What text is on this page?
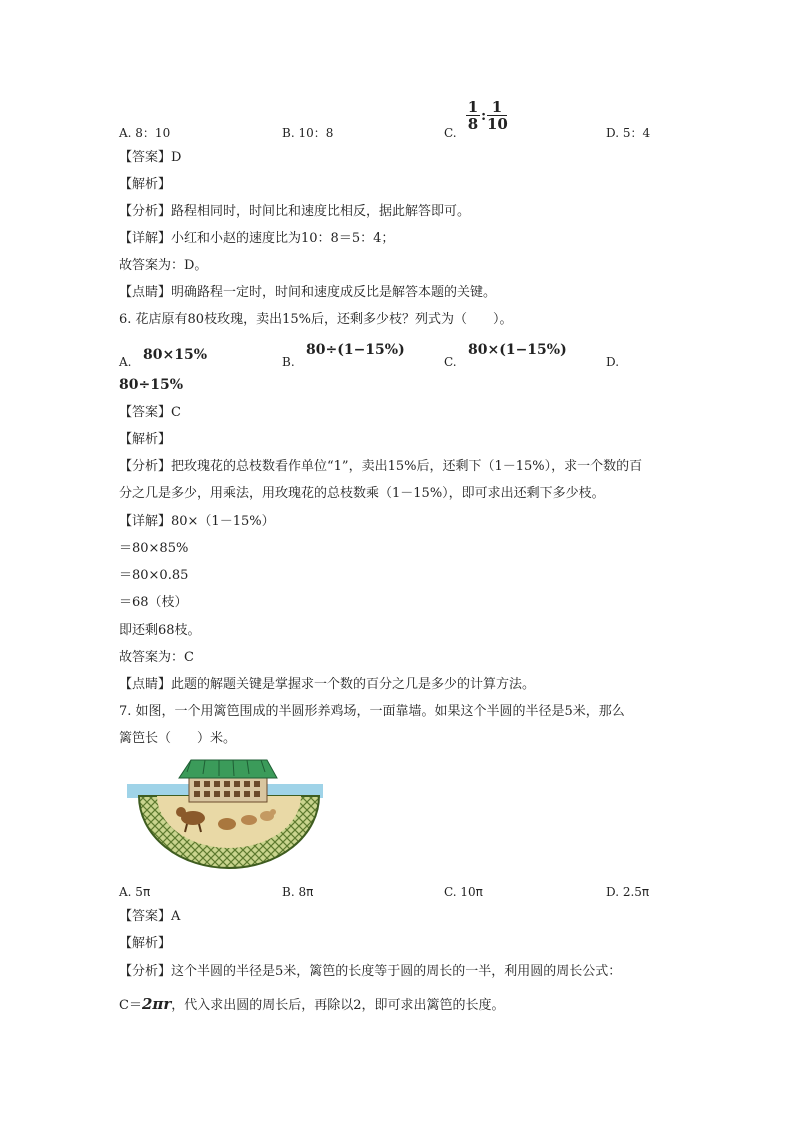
A. 8：10	B. 10：8	C.
$\frac{1}{8}$ : $\frac{1}{10}$
D. 5：4
【答案】D
【解析】
【分析】路程相同时，时间比和速度比相反，据此解答即可。
【详解】小红和小赵的速度比为10：8＝5：4；
故答案为：D。
【点睛】明确路程一定时，时间和速度成反比是解答本题的关键。
6. 花店原有80枝玫瑰，卖出15%后，还剩多少枝？列式为（　　）。
A. 80×15%	B.
80÷(1−15%)
C.
80×(1−15%)
D.
80÷15%
【答案】C
【解析】
【分析】把玫瑰花的总枝数看作单位“1”，卖出15%后，还剩下（1－15%），求一个数的百
分之几是多少，用乘法，用玫瑰花的总枝数乘（1－15%），即可求出还剩下多少枝。
【详解】80×（1－15%）
＝80×85%
＝80×0.85
＝68（枝）
即还剩68枝。
故答案为：C
【点睛】此题的解题关键是掌握求一个数的百分之几是多少的计算方法。
7. 如图，一个用篱笆围成的半圆形养鸡场，一面靠墙。如果这个半圆的半径是5米，那么
篱笆长（　　）米。
A. 5π	B. 8π	C. 10π	D. 2.5π
【答案】A
【解析】
【分析】这个半圆的半径是5米，篱笆的长度等于圆的周长的一半，利用圆的周长公式：
C＝2πr，代入求出圆的周长后，再除以2，即可求出篱笆的长度。
